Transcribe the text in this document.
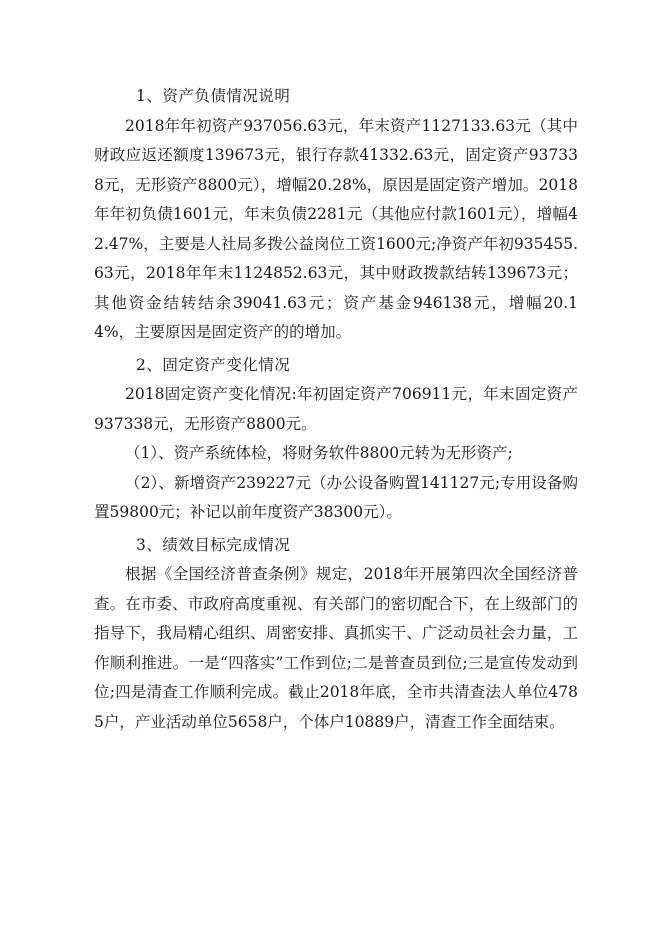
1、资产负债情况说明

2018年年初资产937056.63元，年末资产1127133.63元（其中财政应返还额度139673元，银行存款41332.63元，固定资产937338元，无形资产8800元），增幅20.28%，原因是固定资产增加。2018年年初负债1601元，年末负债2281元（其他应付款1601元），增幅42.47%，主要是人社局多拨公益岗位工资1600元;净资产年初935455.63元，2018年年末1124852.63元，其中财政拨款结转139673元；其他资金结转结余39041.63元；资产基金946138元，增幅20.14%，主要原因是固定资产的的增加。

2、固定资产变化情况

2018固定资产变化情况:年初固定资产706911元，年末固定资产937338元，无形资产8800元。

（1）、资产系统体检，将财务软件8800元转为无形资产;

（2）、新增资产239227元（办公设备购置141127元;专用设备购置59800元；补记以前年度资产38300元）。

3、绩效目标完成情况

根据《全国经济普查条例》规定，2018年开展第四次全国经济普查。在市委、市政府高度重视、有关部门的密切配合下，在上级部门的指导下，我局精心组织、周密安排、真抓实干、广泛动员社会力量，工作顺利推进。一是“四落实”工作到位;二是普查员到位;三是宣传发动到位;四是清查工作顺利完成。截止2018年底，全市共清查法人单位4785户，产业活动单位5658户，个体户10889户，清查工作全面结束。
